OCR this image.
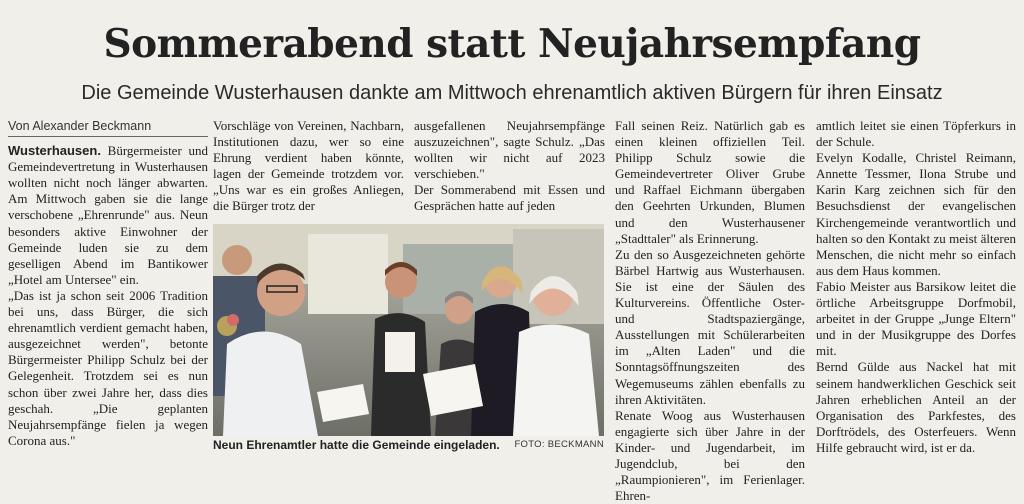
Sommerabend statt Neujahrsempfang
Die Gemeinde Wusterhausen dankte am Mittwoch ehrenamtlich aktiven Bürgern für ihren Einsatz
Von Alexander Beckmann

Wusterhausen. Bürgermeister und Gemeindevertretung in Wusterhausen wollten nicht noch länger abwarten. Am Mittwoch gaben sie die lange verschobene „Ehrenrunde" aus. Neun besonders aktive Einwohner der Gemeinde luden sie zu dem geselligen Abend im Bantikower „Hotel am Untersee" ein.

„Das ist ja schon seit 2006 Tradition bei uns, dass Bürger, die sich ehrenamtlich verdient gemacht haben, ausgezeichnet werden", betonte Bürgermeister Philipp Schulz bei der Gelegenheit. Trotzdem sei es nun schon über zwei Jahre her, dass dies geschah. „Die geplanten Neujahrsempfänge fielen ja wegen Corona aus."

Vorschläge von Vereinen, Nachbarn, Institutionen dazu, wer so eine Ehrung verdient haben könnte, lagen der Gemeinde trotzdem vor. „Uns war es ein großes Anliegen, die Bürger trotz der

ausgefallenen Neujahrsempfänge auszuzeichnen", sagte Schulz. „Das wollten wir nicht auf 2023 verschieben."

Der Sommerabend mit Essen und Gesprächen hatte auf jeden

Neun Ehrenamtler hatte die Gemeinde eingeladen. FOTO: BECKMANN

Fall seinen Reiz. Natürlich gab es einen kleinen offiziellen Teil. Philipp Schulz sowie die Gemeindevertreter Oliver Grube und Raffael Eichmann übergaben den Geehrten Urkunden, Blumen und den Wusterhausener „Stadttaler" als Erinnerung.

Zu den so Ausgezeichneten gehörte Bärbel Hartwig aus Wusterhausen. Sie ist eine der Säulen des Kulturvereins. Öffentliche Oster- und Stadtspaziergänge, Ausstellungen mit Schülerarbeiten im „Alten Laden" und die Sonntagsöffnungszeiten des Wegemuseums zählen ebenfalls zu ihren Aktivitäten.

Renate Woog aus Wusterhausen engagierte sich über Jahre in der Kinder- und Jugendarbeit, im Jugendclub, bei den „Raumpionieren", im Ferienlager. Ehren-

amtlich leitet sie einen Töpferkurs in der Schule.

Evelyn Kodalle, Christel Reimann, Annette Tessmer, Ilona Strube und Karin Karg zeichnen sich für den Besuchsdienst der evangelischen Kirchengemeinde verantwortlich und halten so den Kontakt zu meist älteren Menschen, die nicht mehr so einfach aus dem Haus kommen.

Fabio Meister aus Barsikow leitet die örtliche Arbeitsgruppe Dorfmobil, arbeitet in der Gruppe „Junge Eltern" und in der Musikgruppe des Dorfes mit.

Bernd Gülde aus Nackel hat mit seinem handwerklichen Geschick seit Jahren erheblichen Anteil an der Organisation des Parkfestes, des Dorftrödels, des Osterfeuers. Wenn Hilfe gebraucht wird, ist er da.
